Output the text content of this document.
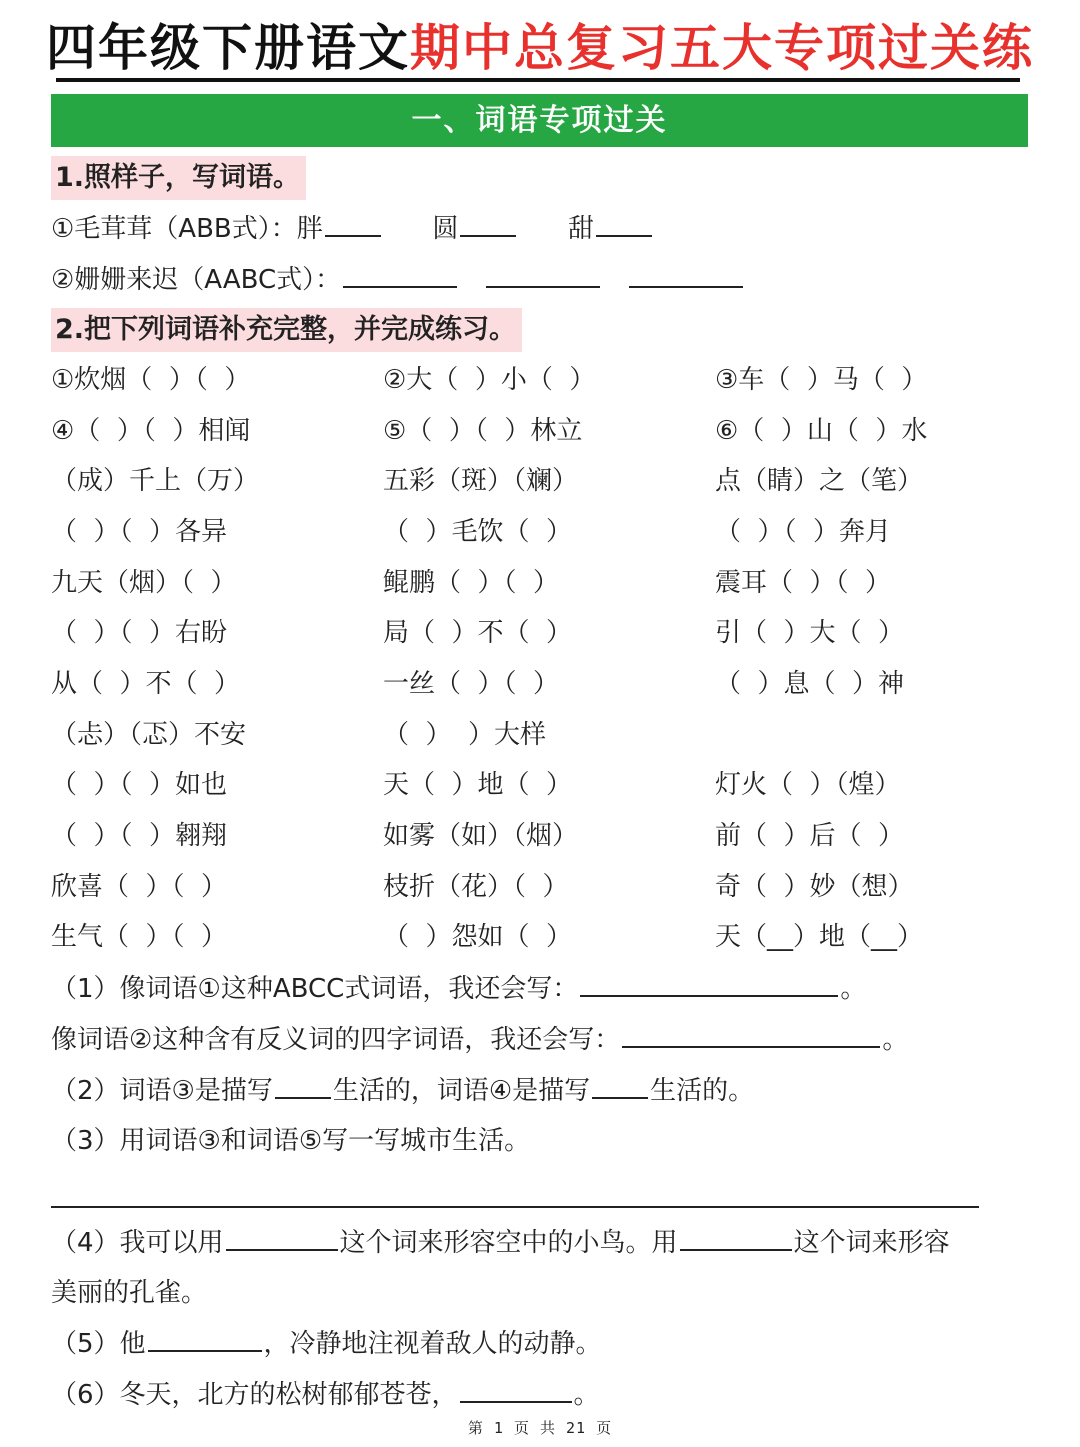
四年级下册语文期中总复习五大专项过关练
一、词语专项过关
1.照样子，写词语。
①毛茸茸（ABB式）：胖	圆	甜
②姗姗来迟（AABC式）：
2.把下列词语补充完整，并完成练习。
①炊烟（  ）（  ）	②大（  ）小（  ）	③车（  ）马（  ）
④（  ）（  ）相闻	⑤（  ）（  ）林立	⑥（  ）山（  ）水
（成）千上（万）	五彩（斑）（斓）	点（睛）之（笔）
（  ）（  ）各异	（  ）毛饮（  ）	（  ）（  ）奔月
九天（烟）（  ）	鲲鹏（  ）（  ）	震耳（  ）（  ）
（  ）（  ）右盼	局（  ）不（  ）	引（  ）大（  ）
从（  ）不（  ）	一丝（  ）（  ）	（  ）息（  ）神
（忐）（忑）不安	（  ）  ）大样
（  ）（  ）如也	天（  ）地（  ）	灯火（  ）（煌）
（  ）（  ）翱翔	如雾（如）（烟）	前（  ）后（  ）
欣喜（  ）（  ）	枝折（花）（  ）	奇（  ）妙（想）
生气（  ）（  ）	（  ）怨如（  ）	天（__）地（__）
（1）像词语①这种ABCC式词语，我还会写：	。
像词语②这种含有反义词的四字词语，我还会写：	。
（2）词语③是描写 生活的，词语④是描写 生活的。
（3）用词语③和词语⑤写一写城市生活。
（4）我可以用	这个词来形容空中的小鸟。用	这个词来形容
美丽的孔雀。
（5）他	，冷静地注视着敌人的动静。
（6）冬天，北方的松树郁郁苍苍，	。
第 1 页 共 21 页
